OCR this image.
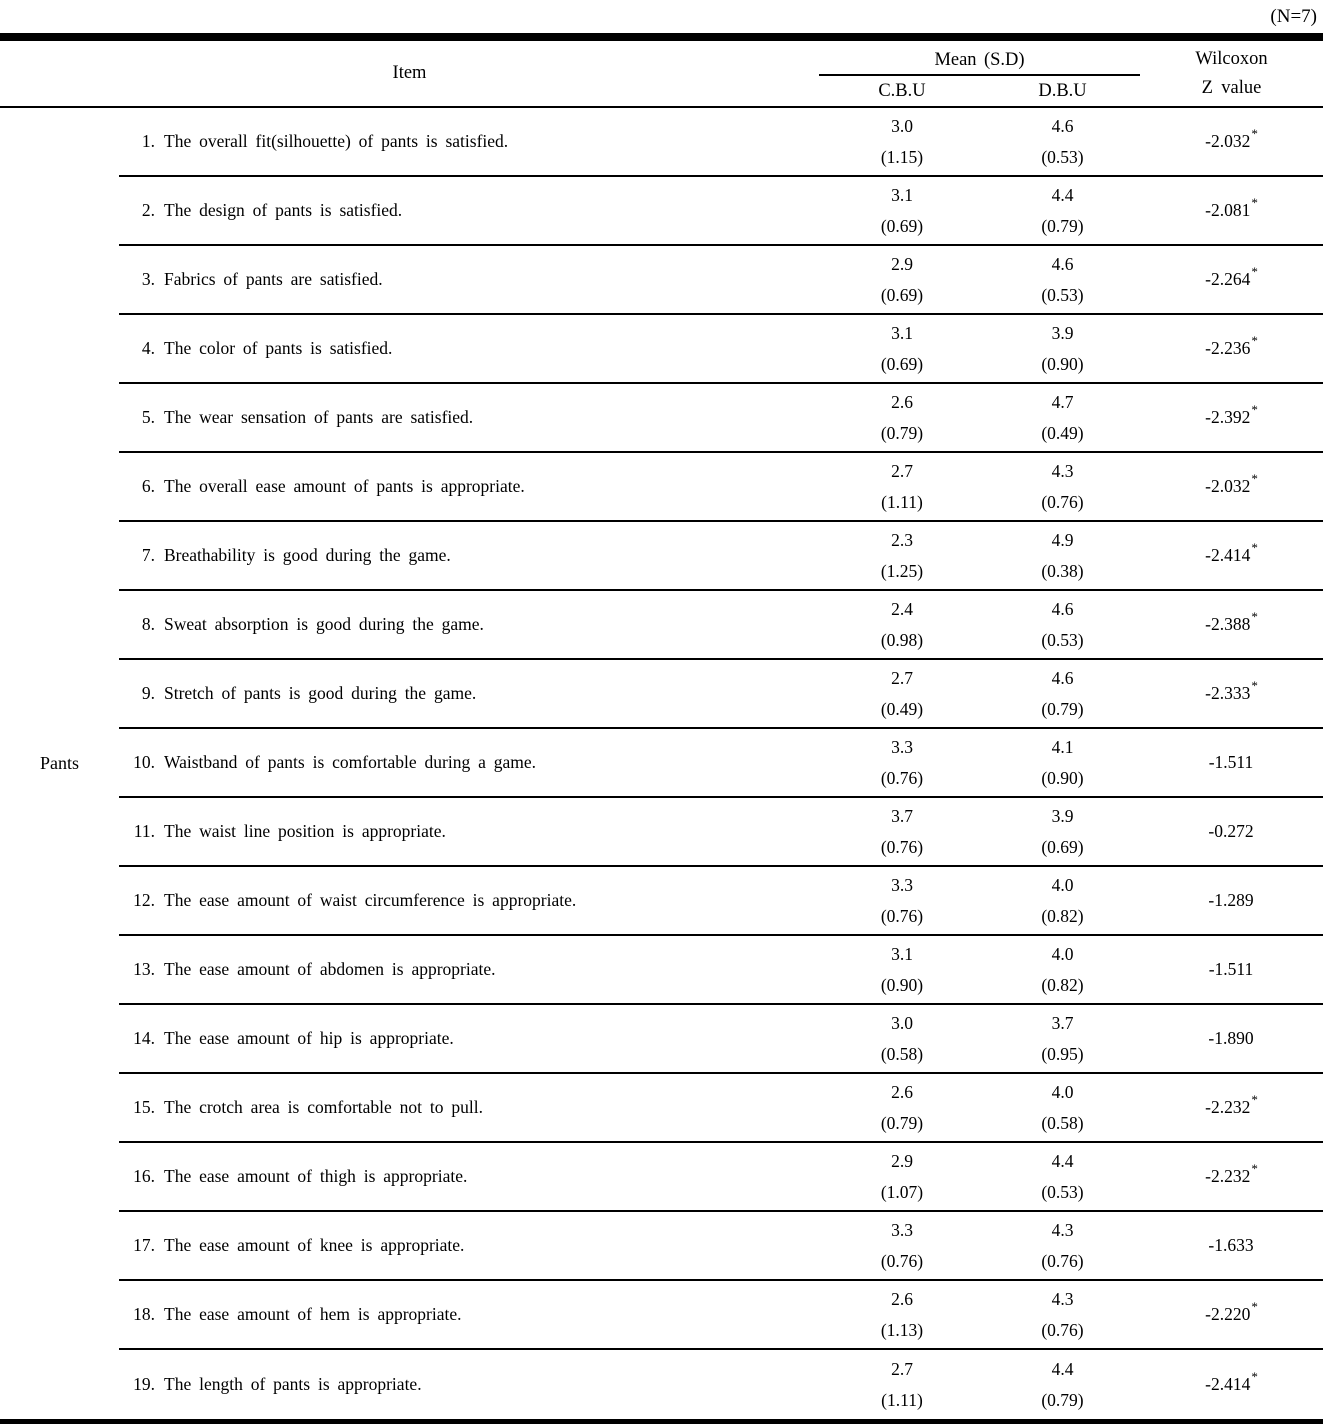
(N=7)
Item
Mean (S.D)
C.B.U	D.B.U
Wilcoxon
Z value
Pants
1. The overall fit(silhouette) of pants is satisfied.
3.0
(1.15)
4.6
(0.53)
-2.032 *
2. The design of pants is satisfied.
3.1
(0.69)
4.4
(0.79)
-2.081 *
3. Fabrics of pants are satisfied.
2.9
(0.69)
4.6
(0.53)
-2.264 *
4. The color of pants is satisfied.
3.1
(0.69)
3.9
(0.90)
-2.236 *
5. The wear sensation of pants are satisfied.
2.6
(0.79)
4.7
(0.49)
-2.392 *
6. The overall ease amount of pants is appropriate.
2.7
(1.11)
4.3
(0.76)
-2.032 *
7. Breathability is good during the game.
2.3
(1.25)
4.9
(0.38)
-2.414 *
8. Sweat absorption is good during the game.
2.4
(0.98)
4.6
(0.53)
-2.388 *
9. Stretch of pants is good during the game.
2.7
(0.49)
4.6
(0.79)
-2.333 *
10. Waistband of pants is comfortable during a game.
3.3
(0.76)
4.1
(0.90)
-1.511
11. The waist line position is appropriate.
3.7
(0.76)
3.9
(0.69)
-0.272
12. The ease amount of waist circumference is appropriate.
3.3
(0.76)
4.0
(0.82)
-1.289
13. The ease amount of abdomen is appropriate.
3.1
(0.90)
4.0
(0.82)
-1.511
14. The ease amount of hip is appropriate.
3.0
(0.58)
3.7
(0.95)
-1.890
15. The crotch area is comfortable not to pull.
2.6
(0.79)
4.0
(0.58)
-2.232 *
16. The ease amount of thigh is appropriate.
2.9
(1.07)
4.4
(0.53)
-2.232 *
17. The ease amount of knee is appropriate.
3.3
(0.76)
4.3
(0.76)
-1.633
18. The ease amount of hem is appropriate.
2.6
(1.13)
4.3
(0.76)
-2.220 *
19. The length of pants is appropriate.
2.7
(1.11)
4.4
(0.79)
-2.414 *
